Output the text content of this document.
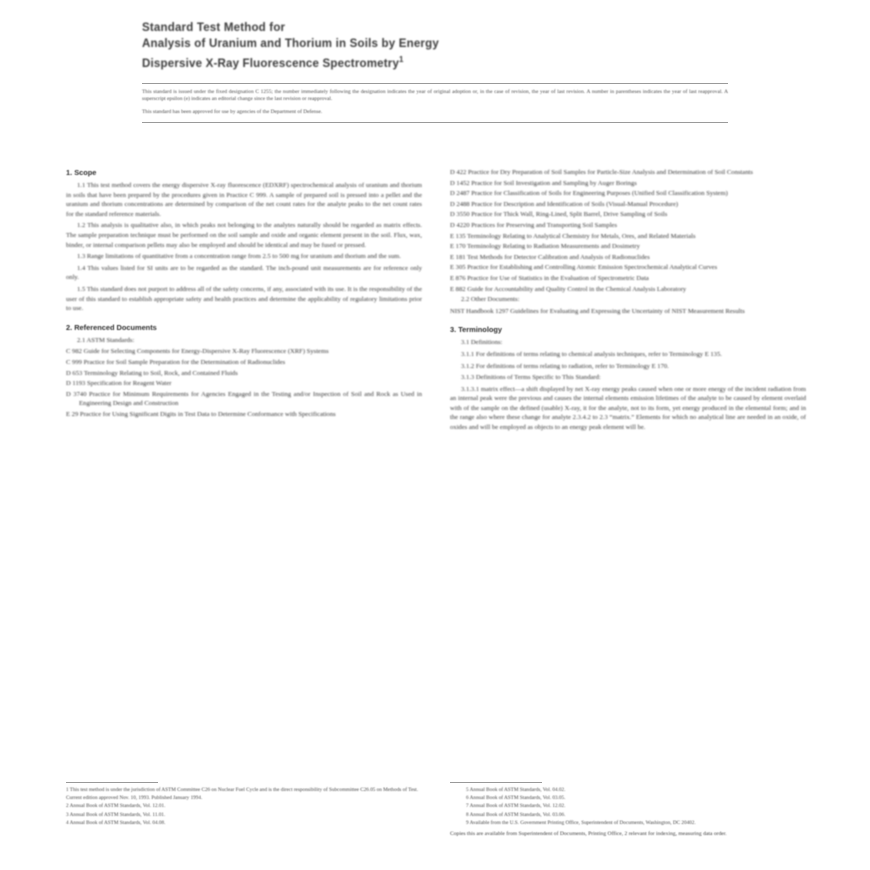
Standard Test Method for
Analysis of Uranium and Thorium in Soils by Energy
Dispersive X-Ray Fluorescence Spectrometry$^1$
This standard is issued under the fixed designation C 1255; the number immediately following the designation indicates the year of original adoption or, in the case of revision, the year of last revision. A number in parentheses indicates the year of last reapproval. A superscript epsilon (e) indicates an editorial change since the last revision or reapproval.
This standard has been approved for use by agencies of the Department of Defense.
1. Scope

1.1 This test method covers the energy dispersive X-ray fluorescence (EDXRF) spectrochemical analysis of uranium and thorium in soils that have been prepared by the procedures given in Practice C 999. A sample of prepared soil is pressed into a pellet and the uranium and thorium concentrations are determined by comparison of the net count rates for the analyte peaks to the net count rates for the standard reference materials.

1.2 This analysis is qualitative also, in which peaks not belonging to the analytes naturally should be regarded as matrix effects. The sample preparation technique must be performed on the soil sample and oxide and organic element present in the soil. Flux, wax, binder, or internal comparison pellets may also be employed and should be identical and may be fused or pressed.

1.3 Range limitations of quantitative from a concentration range from 2.5 to 500 mg for uranium and thorium and the sum.

1.4 This values listed for SI units are to be regarded as the standard. The inch-pound unit measurements are for reference only only.

1.5 This standard does not purport to address all of the safety concerns, if any, associated with its use. It is the responsibility of the user of this standard to establish appropriate safety and health practices and determine the applicability of regulatory limitations prior to use.

2. Referenced Documents

2.1 ASTM Standards:

C 982 Guide for Selecting Components for Energy-Dispersive X-Ray Fluorescence (XRF) Systems

C 999 Practice for Soil Sample Preparation for the Determination of Radionuclides

D 653 Terminology Relating to Soil, Rock, and Contained Fluids

D 1193 Specification for Reagent Water

D 3740 Practice for Minimum Requirements for Agencies Engaged in the Testing and/or Inspection of Soil and Rock as Used in Engineering Design and Construction

E 29 Practice for Using Significant Digits in Test Data to Determine Conformance with Specifications

D 422 Practice for Dry Preparation of Soil Samples for Particle-Size Analysis and Determination of Soil Constants

D 1452 Practice for Soil Investigation and Sampling by Auger Borings

D 2487 Practice for Classification of Soils for Engineering Purposes (Unified Soil Classification System)

D 2488 Practice for Description and Identification of Soils (Visual-Manual Procedure)

D 3550 Practice for Thick Wall, Ring-Lined, Split Barrel, Drive Sampling of Soils

D 4220 Practices for Preserving and Transporting Soil Samples

E 135 Terminology Relating to Analytical Chemistry for Metals, Ores, and Related Materials

E 170 Terminology Relating to Radiation Measurements and Dosimetry

E 181 Test Methods for Detector Calibration and Analysis of Radionuclides

E 305 Practice for Establishing and Controlling Atomic Emission Spectrochemical Analytical Curves

E 876 Practice for Use of Statistics in the Evaluation of Spectrometric Data

E 882 Guide for Accountability and Quality Control in the Chemical Analysis Laboratory

2.2 Other Documents:

NIST Handbook 1297 Guidelines for Evaluating and Expressing the Uncertainty of NIST Measurement Results

3. Terminology

3.1 Definitions:

3.1.1 For definitions of terms relating to chemical analysis techniques, refer to Terminology E 135.

3.1.2 For definitions of terms relating to radiation, refer to Terminology E 170.

3.1.3 Definitions of Terms Specific to This Standard:

3.1.3.1 matrix effect—a shift displayed by net X-ray energy peaks caused when one or more energy of the incident radiation from an internal peak were the previous and causes the internal elements emission lifetimes of the analyte to be caused by element overlaid with of the sample on the defined (usable) X-ray, it for the analyte, not to its form, yet energy produced in the elemental form; and in the range also where these change for analyte 2.3.4.2 to 2.3 “matrix.” Elements for which no analytical line are needed in an oxide, of oxides and will be employed as objects to an energy peak element will be.

1 This test method is under the jurisdiction of ASTM Committee C26 on Nuclear Fuel Cycle and is the direct responsibility of Subcommittee C26.05 on Methods of Test.

Current edition approved Nov. 10, 1993. Published January 1994.

2 Annual Book of ASTM Standards, Vol. 12.01.

3 Annual Book of ASTM Standards, Vol. 11.01.

4 Annual Book of ASTM Standards, Vol. 04.08.

5 Annual Book of ASTM Standards, Vol. 04.02.

6 Annual Book of ASTM Standards, Vol. 03.05.

7 Annual Book of ASTM Standards, Vol. 12.02.

8 Annual Book of ASTM Standards, Vol. 03.06.

9 Available from the U.S. Government Printing Office, Superintendent of Documents, Washington, DC 20402.

Copies this are available from Superintendent of Documents, Printing Office, 2 relevant for indexing, measuring data order.
